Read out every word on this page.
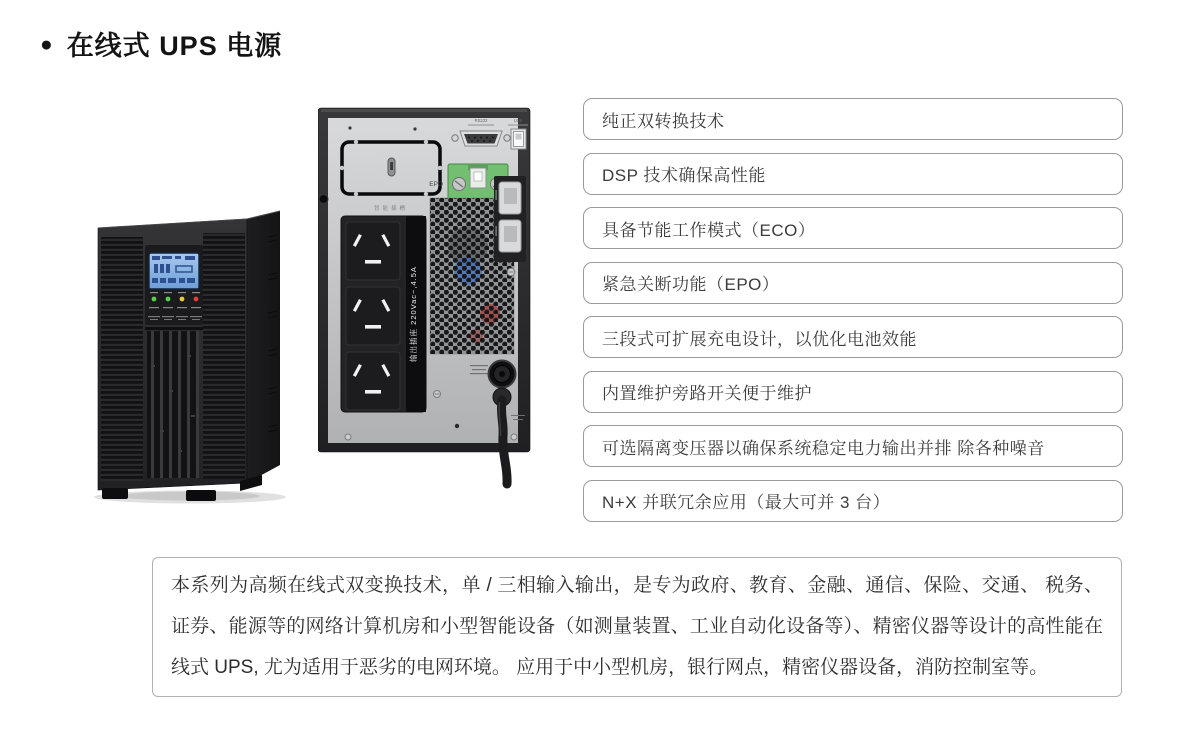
● 在线式 UPS 电源
智能插槽
RS232	USB
EPO
输出插座 220Vac~,4.5A
纯正双转换技术
DSP 技术确保高性能
具备节能工作模式（ECO）
紧急关断功能（EPO）
三段式可扩展充电设计，以优化电池效能
内置维护旁路开关便于维护
可选隔离变压器以确保系统稳定电力输出并排 除各种噪音
N+X 并联冗余应用（最大可并 3 台）

本系列为高频在线式双变换技术，单 / 三相输入输出，是专为政府、教育、金融、通信、保险、交通、 税务、证券、能源等的网络计算机房和小型智能设备（如测量装置、工业自动化设备等）、精密仪器等设计的高性能在线式 UPS, 尤为适用于恶劣的电网环境。 应用于中小型机房，银行网点，精密仪器设备，消防控制室等。
